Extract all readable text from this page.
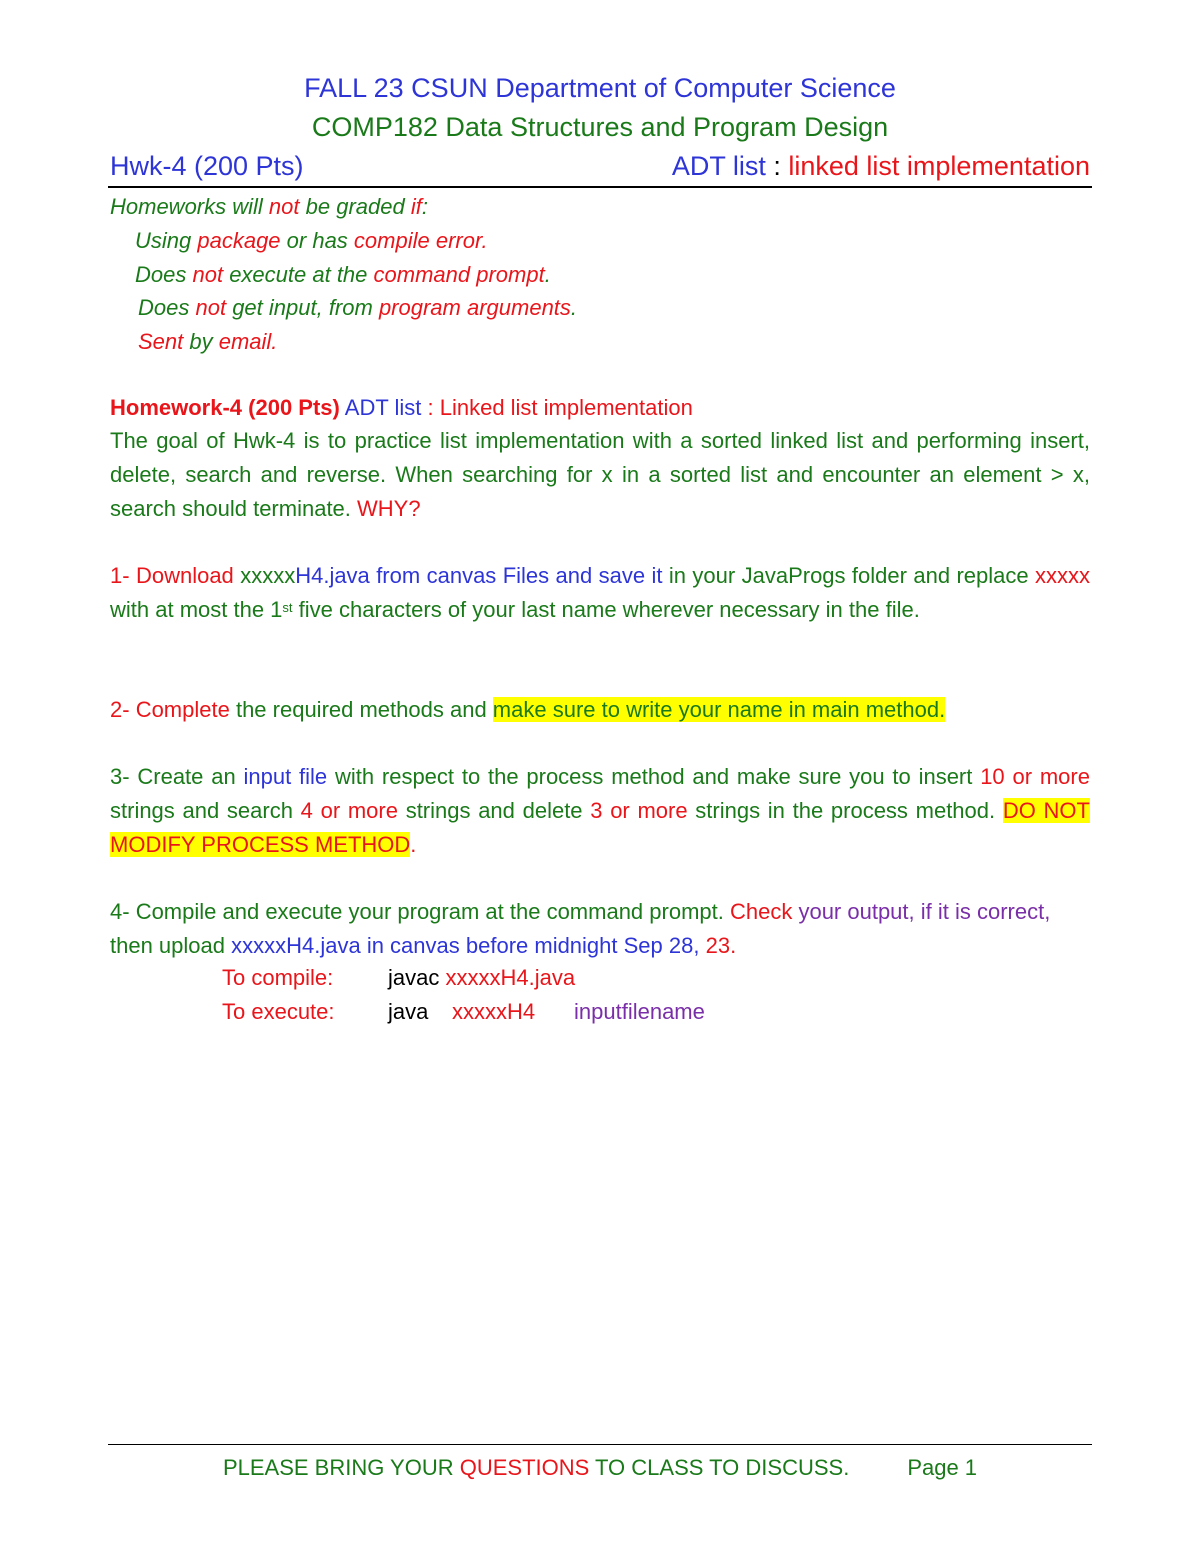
FALL 23 CSUN Department of Computer Science
COMP182 Data Structures and Program Design
Hwk-4 (200 Pts)	ADT list : linked list implementation
Homeworks will not be graded if:
Using package or has compile error.
Does not execute at the command prompt.
Does not get input, from program arguments.
Sent by email.
Homework-4 (200 Pts) ADT list : Linked list implementation
The goal of Hwk-4 is to practice list implementation with a sorted linked list and performing insert, delete, search and reverse. When searching for x in a sorted list and encounter an element > x, search should terminate. WHY?
1- Download xxxxxH4.java from canvas Files and save it in your JavaProgs folder and replace xxxxx with at most the 1st five characters of your last name wherever necessary in the file.
2- Complete the required methods and make sure to write your name in main method.
3- Create an input file with respect to the process method and make sure you to insert 10 or more strings and search 4 or more strings and delete 3 or more strings in the process method. DO NOT MODIFY PROCESS METHOD.
4- Compile and execute your program at the command prompt. Check your output, if it is correct, then upload xxxxxH4.java in canvas before midnight Sep 28, 23.
To compile: javac xxxxxH4.java
To execute: java xxxxxH4 inputfilename
PLEASE BRING YOUR QUESTIONS TO CLASS TO DISCUSS.	Page 1
